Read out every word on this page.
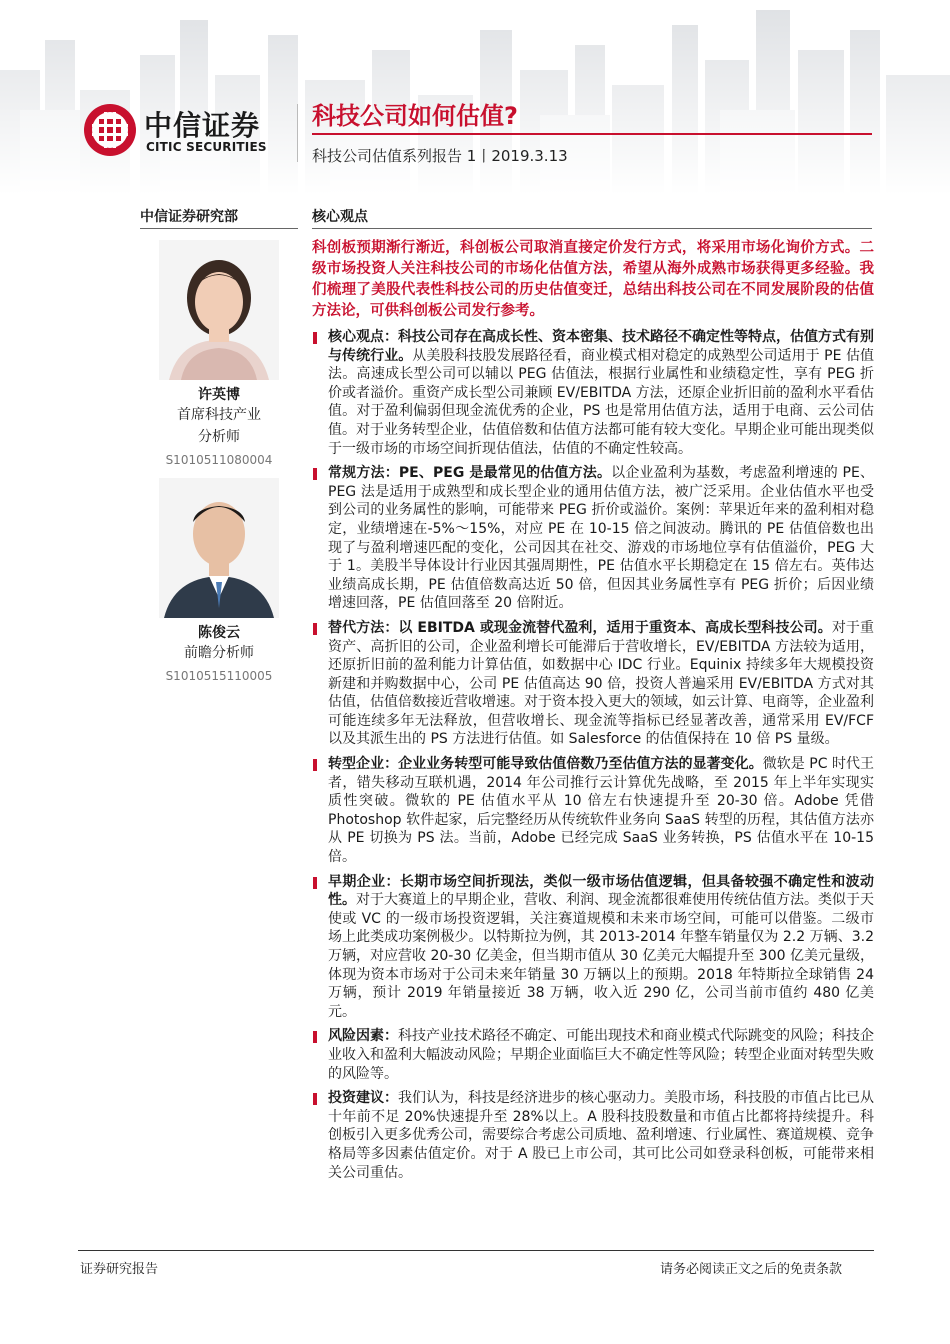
中信证券
CITIC SECURITIES
科技公司如何估值?
科技公司估值系列报告 1丨2019.3.13
中信证券研究部	核心观点
许英博
首席科技产业
分析师
S1010511080004
陈俊云
前瞻分析师
S1010515110005
科创板预期渐行渐近，科创板公司取消直接定价发行方式，将采用市场化询价方式。二级市场投资人关注科技公司的市场化估值方法，希望从海外成熟市场获得更多经验。我们梳理了美股代表性科技公司的历史估值变迁，总结出科技公司在不同发展阶段的估值方法论，可供科创板公司发行参考。
核心观点：科技公司存在高成长性、资本密集、技术路径不确定性等特点，估值方式有别与传统行业。从美股科技股发展路径看，商业模式相对稳定的成熟型公司适用于 PE 估值法。高速成长型公司可以辅以 PEG 估值法，根据行业属性和业绩稳定性，享有 PEG 折价或者溢价。重资产成长型公司兼顾 EV/EBITDA 方法，还原企业折旧前的盈利水平看估值。对于盈利偏弱但现金流优秀的企业，PS 也是常用估值方法，适用于电商、云公司估值。对于业务转型企业，估值倍数和估值方法都可能有较大变化。早期企业可能出现类似于一级市场的市场空间折现估值法，估值的不确定性较高。
常规方法：PE、PEG 是最常见的估值方法。以企业盈利为基数，考虑盈利增速的 PE、PEG 法是适用于成熟型和成长型企业的通用估值方法，被广泛采用。企业估值水平也受到公司的业务属性的影响，可能带来 PEG 折价或溢价。案例：苹果近年来的盈利相对稳定，业绩增速在-5%～15%，对应 PE 在 10-15 倍之间波动。腾讯的 PE 估值倍数也出现了与盈利增速匹配的变化，公司因其在社交、游戏的市场地位享有估值溢价，PEG 大于 1。美股半导体设计行业因其强周期性，PE 估值水平长期稳定在 15 倍左右。英伟达业绩高成长期，PE 估值倍数高达近 50 倍，但因其业务属性享有 PEG 折价；后因业绩增速回落，PE 估值回落至 20 倍附近。
替代方法：以 EBITDA 或现金流替代盈利，适用于重资本、高成长型科技公司。对于重资产、高折旧的公司，企业盈利增长可能滞后于营收增长，EV/EBITDA 方法较为适用，还原折旧前的盈利能力计算估值，如数据中心 IDC 行业。Equinix 持续多年大规模投资新建和并购数据中心，公司 PE 估值高达 90 倍，投资人普遍采用 EV/EBITDA 方式对其估值，估值倍数接近营收增速。对于资本投入更大的领域，如云计算、电商等，企业盈利可能连续多年无法释放，但营收增长、现金流等指标已经显著改善，通常采用 EV/FCF 以及其派生出的 PS 方法进行估值。如 Salesforce 的估值保持在 10 倍 PS 量级。
转型企业：企业业务转型可能导致估值倍数乃至估值方法的显著变化。微软是 PC 时代王者，错失移动互联机遇，2014 年公司推行云计算优先战略，至 2015 年上半年实现实质性突破。微软的 PE 估值水平从 10 倍左右快速提升至 20-30 倍。Adobe 凭借 Photoshop 软件起家，后完整经历从传统软件业务向 SaaS 转型的历程，其估值方法亦从 PE 切换为 PS 法。当前，Adobe 已经完成 SaaS 业务转换，PS 估值水平在 10-15 倍。
早期企业：长期市场空间折现法，类似一级市场估值逻辑，但具备较强不确定性和波动性。对于大赛道上的早期企业，营收、利润、现金流都很难使用传统估值方法。类似于天使或 VC 的一级市场投资逻辑，关注赛道规模和未来市场空间，可能可以借鉴。二级市场上此类成功案例极少。以特斯拉为例，其 2013-2014 年整车销量仅为 2.2 万辆、3.2 万辆，对应营收 20-30 亿美金，但当期市值从 30 亿美元大幅提升至 300 亿美元量级，体现为资本市场对于公司未来年销量 30 万辆以上的预期。2018 年特斯拉全球销售 24 万辆，预计 2019 年销量接近 38 万辆，收入近 290 亿，公司当前市值约 480 亿美元。
风险因素：科技产业技术路径不确定、可能出现技术和商业模式代际跳变的风险；科技企业收入和盈利大幅波动风险；早期企业面临巨大不确定性等风险；转型企业面对转型失败的风险等。
投资建议：我们认为，科技是经济进步的核心驱动力。美股市场，科技股的市值占比已从十年前不足 20%快速提升至 28%以上。A 股科技股数量和市值占比都将持续提升。科创板引入更多优秀公司，需要综合考虑公司质地、盈利增速、行业属性、赛道规模、竞争格局等多因素估值定价。对于 A 股已上市公司，其可比公司如登录科创板，可能带来相关公司重估。
证券研究报告	请务必阅读正文之后的免责条款
